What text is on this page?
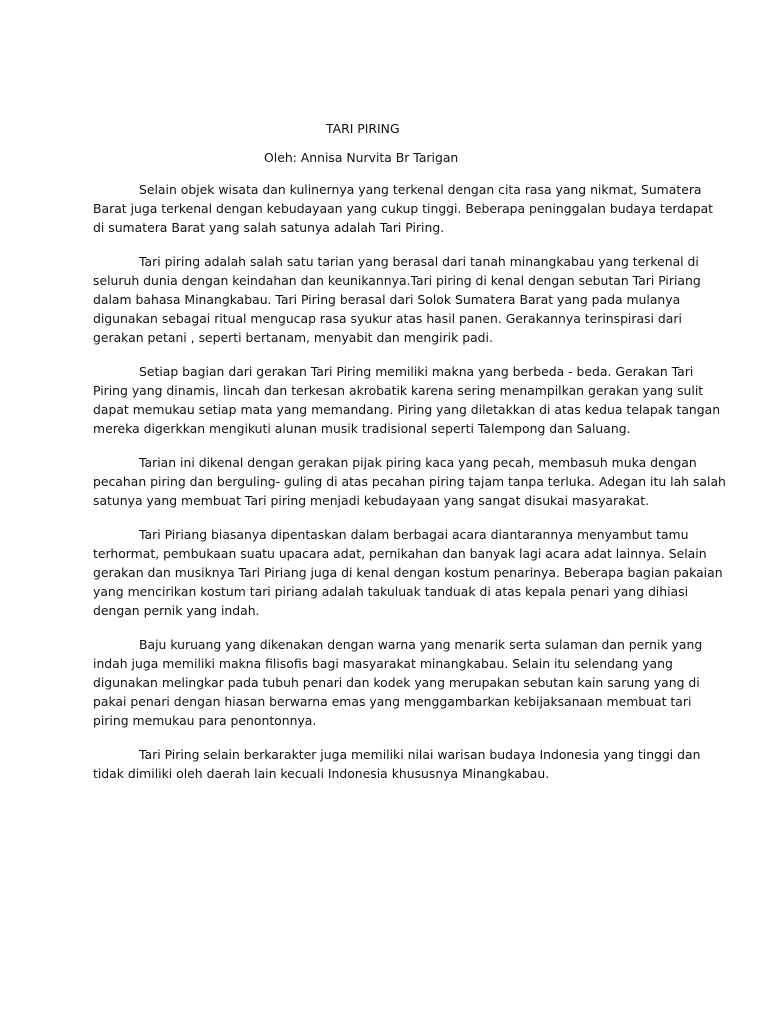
TARI PIRING
Oleh: Annisa Nurvita Br Tarigan
Selain objek wisata dan kulinernya yang terkenal dengan cita rasa yang nikmat, Sumatera
Barat juga terkenal dengan kebudayaan yang cukup tinggi. Beberapa peninggalan budaya terdapat
di sumatera Barat yang salah satunya adalah Tari Piring.
Tari piring adalah salah satu tarian yang berasal dari tanah minangkabau yang terkenal di
seluruh dunia dengan keindahan dan keunikannya.Tari piring di kenal dengan sebutan Tari Piriang
dalam bahasa Minangkabau. Tari Piring berasal dari Solok Sumatera Barat yang pada mulanya
digunakan sebagai ritual mengucap rasa syukur atas hasil panen. Gerakannya terinspirasi dari
gerakan petani , seperti bertanam, menyabit dan mengirik padi.
Setiap bagian dari gerakan Tari Piring memiliki makna yang berbeda - beda. Gerakan Tari
Piring yang dinamis, lincah dan terkesan akrobatik karena sering menampilkan gerakan yang sulit
dapat memukau setiap mata yang memandang. Piring yang diletakkan di atas kedua telapak tangan
mereka digerkkan mengikuti alunan musik tradisional seperti Talempong dan Saluang.
Tarian ini dikenal dengan gerakan pijak piring kaca yang pecah, membasuh muka dengan
pecahan piring dan berguling- guling di atas pecahan piring tajam tanpa terluka. Adegan itu lah salah
satunya yang membuat Tari piring menjadi kebudayaan yang sangat disukai masyarakat.
Tari Piriang biasanya dipentaskan dalam berbagai acara diantarannya menyambut tamu
terhormat, pembukaan suatu upacara adat, pernikahan dan banyak lagi acara adat lainnya. Selain
gerakan dan musiknya Tari Piriang juga di kenal dengan kostum penarinya. Beberapa bagian pakaian
yang mencirikan kostum tari piriang adalah takuluak tanduak di atas kepala penari yang dihiasi
dengan pernik yang indah.
Baju kuruang yang dikenakan dengan warna yang menarik serta sulaman dan pernik yang
indah juga memiliki makna filisofis bagi masyarakat minangkabau. Selain itu selendang yang
digunakan melingkar pada tubuh penari dan kodek yang merupakan sebutan kain sarung yang di
pakai penari dengan hiasan berwarna emas yang menggambarkan kebijaksanaan membuat tari
piring memukau para penontonnya.
Tari Piring selain berkarakter juga memiliki nilai warisan budaya Indonesia yang tinggi dan
tidak dimiliki oleh daerah lain kecuali Indonesia khususnya Minangkabau.
